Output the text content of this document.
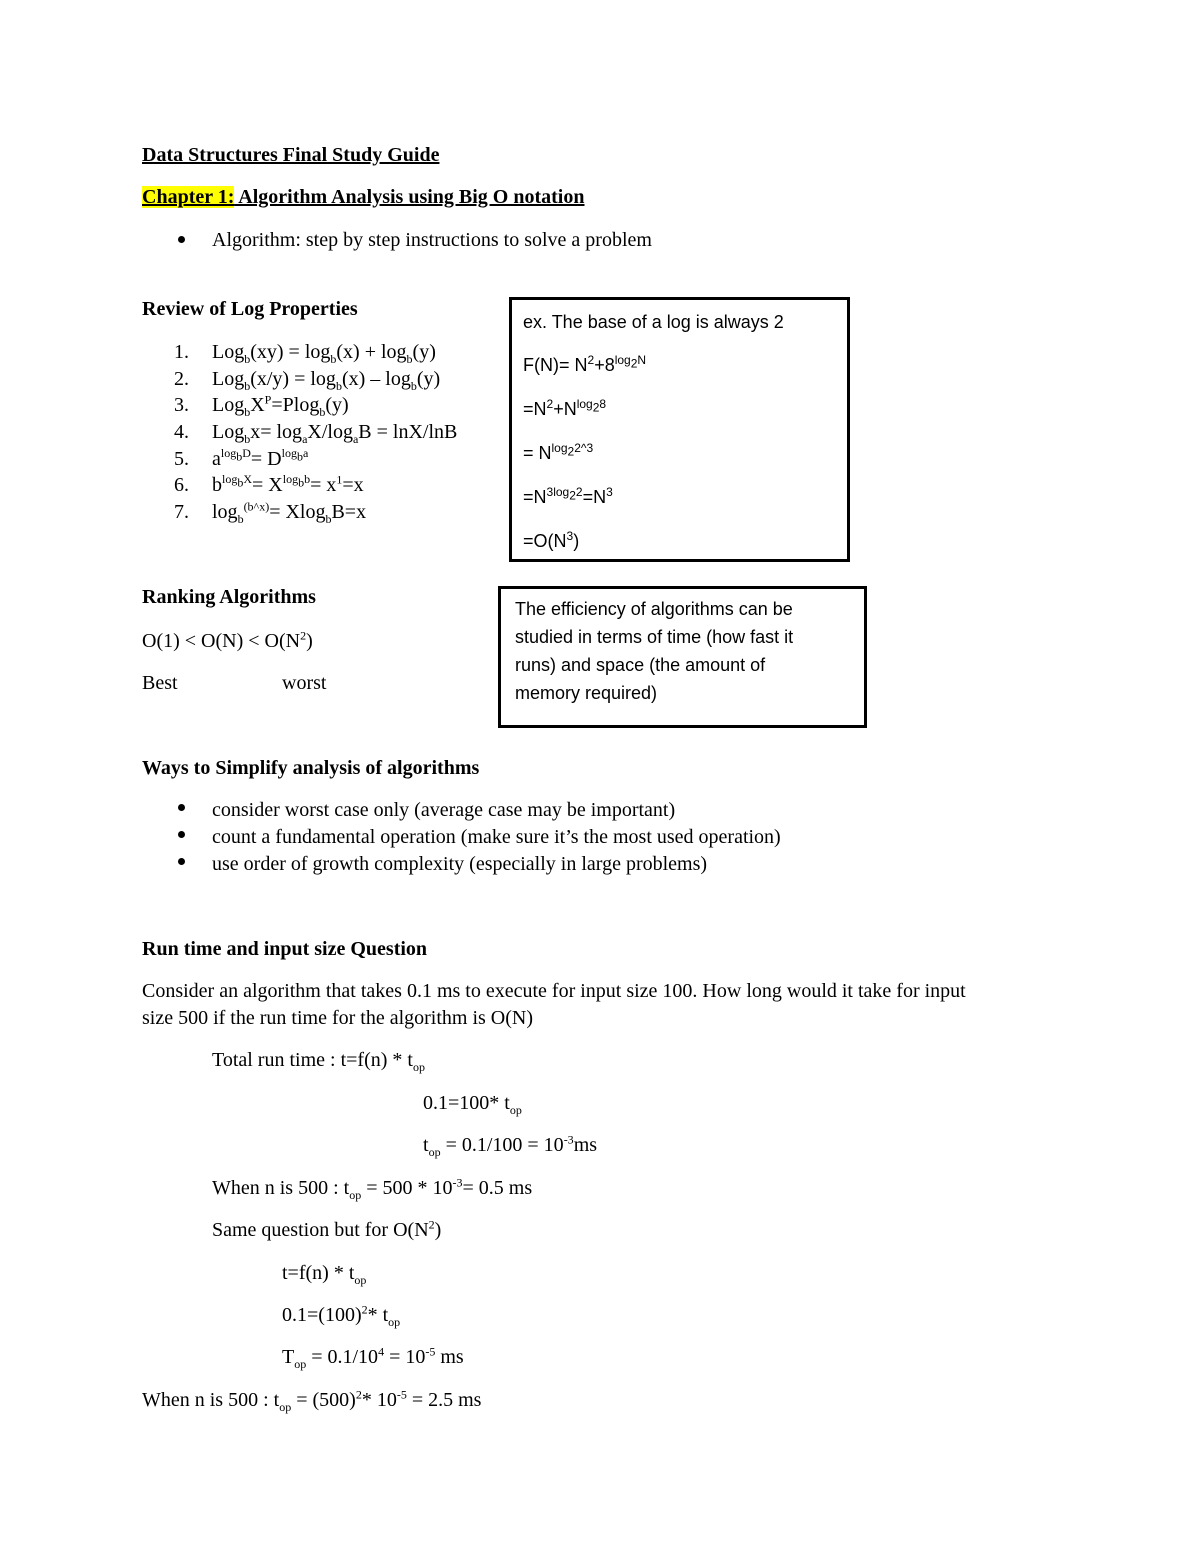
Data Structures Final Study Guide
Chapter 1: Algorithm Analysis using Big O notation
Algorithm: step by step instructions to solve a problem
Review of Log Properties
1. $Log_b(xy) = \log_b(x) + \log_b(y)$
2. $Log_b(x/y) = \log_b(x) - \log_b(y)$
3. $Log_bX^P=Plog_b(y)$
4. $Log_bx= \log_aX/\log_aB = \ln X/\ln B$
5. $a^{log_bD}= D^{log_ba}$
6. $b^{log_bX}= X^{log_bb}= x^1=x$
7. $\log_b^{(b\^{}x)}= Xlog_bB=x$
ex. The base of a log is always 2
$F(N)= N^2+8^{log_2N}$
$=N^2+N^{log_28}$
= $N^{log_22\^{}3}$
$=N^{3log_22}=N^3$
$=O(N^3)$
Ranking Algorithms
$O(1) < O(N) < O(N^2)$
Best	worst
The efficiency of algorithms can be
studied in terms of time (how fast it
runs) and space (the amount of
memory required)
Ways to Simplify analysis of algorithms
consider worst case only (average case may be important)
count a fundamental operation (make sure it’s the most used operation)
use order of growth complexity (especially in large problems)
Run time and input size Question
Consider an algorithm that takes 0.1 ms to execute for input size 100. How long would it take for input
size 500 if the run time for the algorithm is O(N)
Total run time : $t=f(n) * t_{op}$
0.1=100* $t_{op}$
$t_{op} = 0.1/100 = 10^{-3}ms$
When n is 500 : $t_{op} = 500 * 10^{-3}= 0.5$ ms
Same question but for $O(N^2)$
$t=f(n) * t_{op}$
$0.1=(100)^2*$ $t_{op}$
$T_{op} = 0.1/10^4 = 10^{-5}$ ms
When n is 500 : $t_{op} = (500)^2*$ $10^{-5} = 2.5$ ms
